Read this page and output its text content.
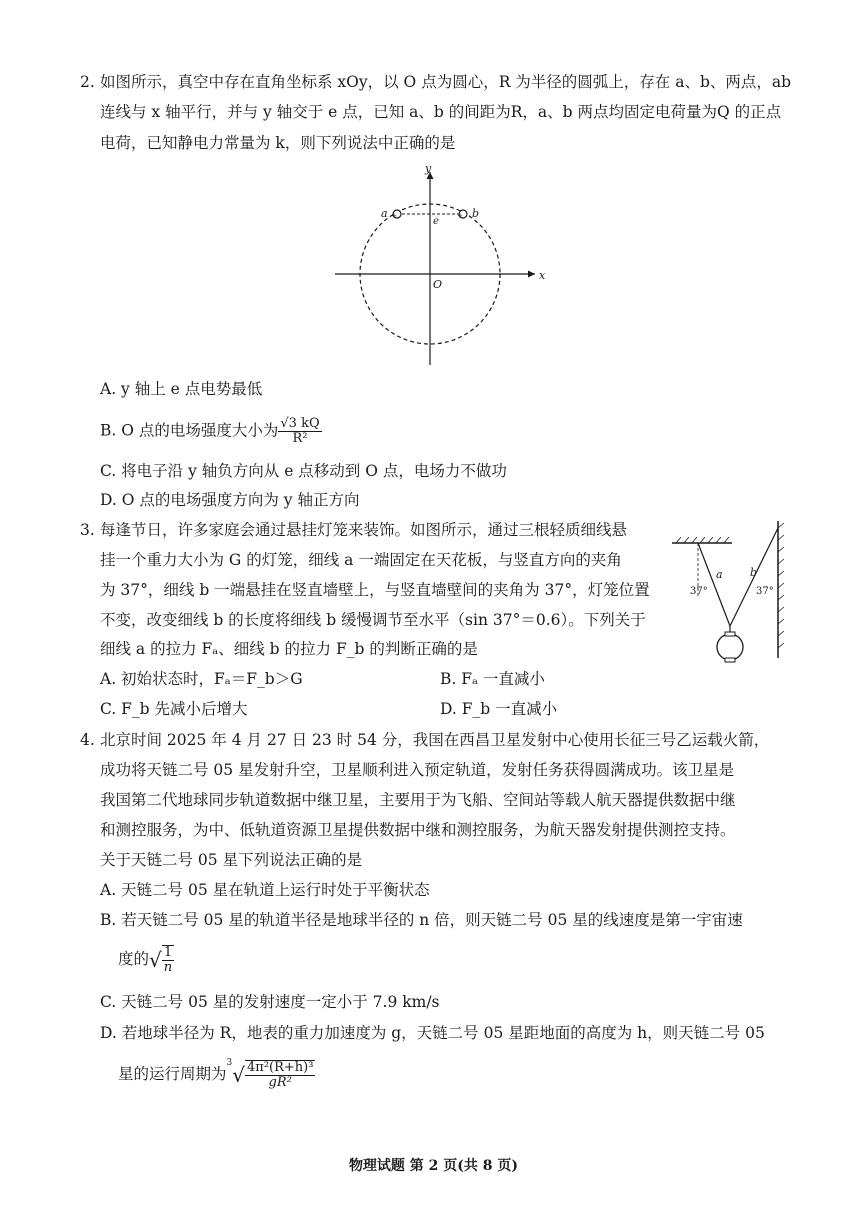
2. 如图所示，真空中存在直角坐标系 xOy，以 O 点为圆心，R 为半径的圆弧上，存在 a、b、两点，ab
连线与 x 轴平行，并与 y 轴交于 e 点，已知 a、b 的间距为R，a、b 两点均固定电荷量为Q 的正点
电荷，已知静电力常量为 k，则下列说法中正确的是
+	+
y
x
O
a	b
e
A. y 轴上 e 点电势最低
B. O 点的电场强度大小为 $\frac{√3 kQ}{\text{R²}}$
C. 将电子沿 y 轴负方向从 e 点移动到 O 点，电场力不做功
D. O 点的电场强度方向为 y 轴正方向
3. 每逢节日，许多家庭会通过悬挂灯笼来装饰。如图所示，通过三根轻质细线悬
挂一个重力大小为 G 的灯笼，细线 a 一端固定在天花板，与竖直方向的夹角
为 37°，细线 b 一端悬挂在竖直墙壁上，与竖直墙壁间的夹角为 37°，灯笼位置
不变，改变细线 b 的长度将细线 b 缓慢调节至水平（sin 37°＝0.6）。下列关于
细线 a 的拉力 Fₐ、细线 b 的拉力 F_b 的判断正确的是
a b
37°	37°
A. 初始状态时，Fₐ＝F_b＞G	B. Fₐ 一直减小
C. F_b 先减小后增大	D. F_b 一直减小
4. 北京时间 2025 年 4 月 27 日 23 时 54 分，我国在西昌卫星发射中心使用长征三号乙运载火箭，
成功将天链二号 05 星发射升空，卫星顺利进入预定轨道，发射任务获得圆满成功。该卫星是
我国第二代地球同步轨道数据中继卫星，主要用于为飞船、空间站等载人航天器提供数据中继
和测控服务，为中、低轨道资源卫星提供数据中继和测控服务，为航天器发射提供测控支持。
关于天链二号 05 星下列说法正确的是
A. 天链二号 05 星在轨道上运行时处于平衡状态
B. 若天链二号 05 星的轨道半径是地球半径的 n 倍，则天链二号 05 星的线速度是第一宇宙速
度的√ $\frac{1}{n}$
C. 天链二号 05 星的发射速度一定小于 7.9 km/s
D. 若地球半径为 R，地表的重力加速度为 g，天链二号 05 星距地面的高度为 h，则天链二号 05
星的运行周期为$^3√ \frac{\text{4π²(R+h)³}}{\text{gR²}}$
物理试题 第 2 页(共 8 页)
